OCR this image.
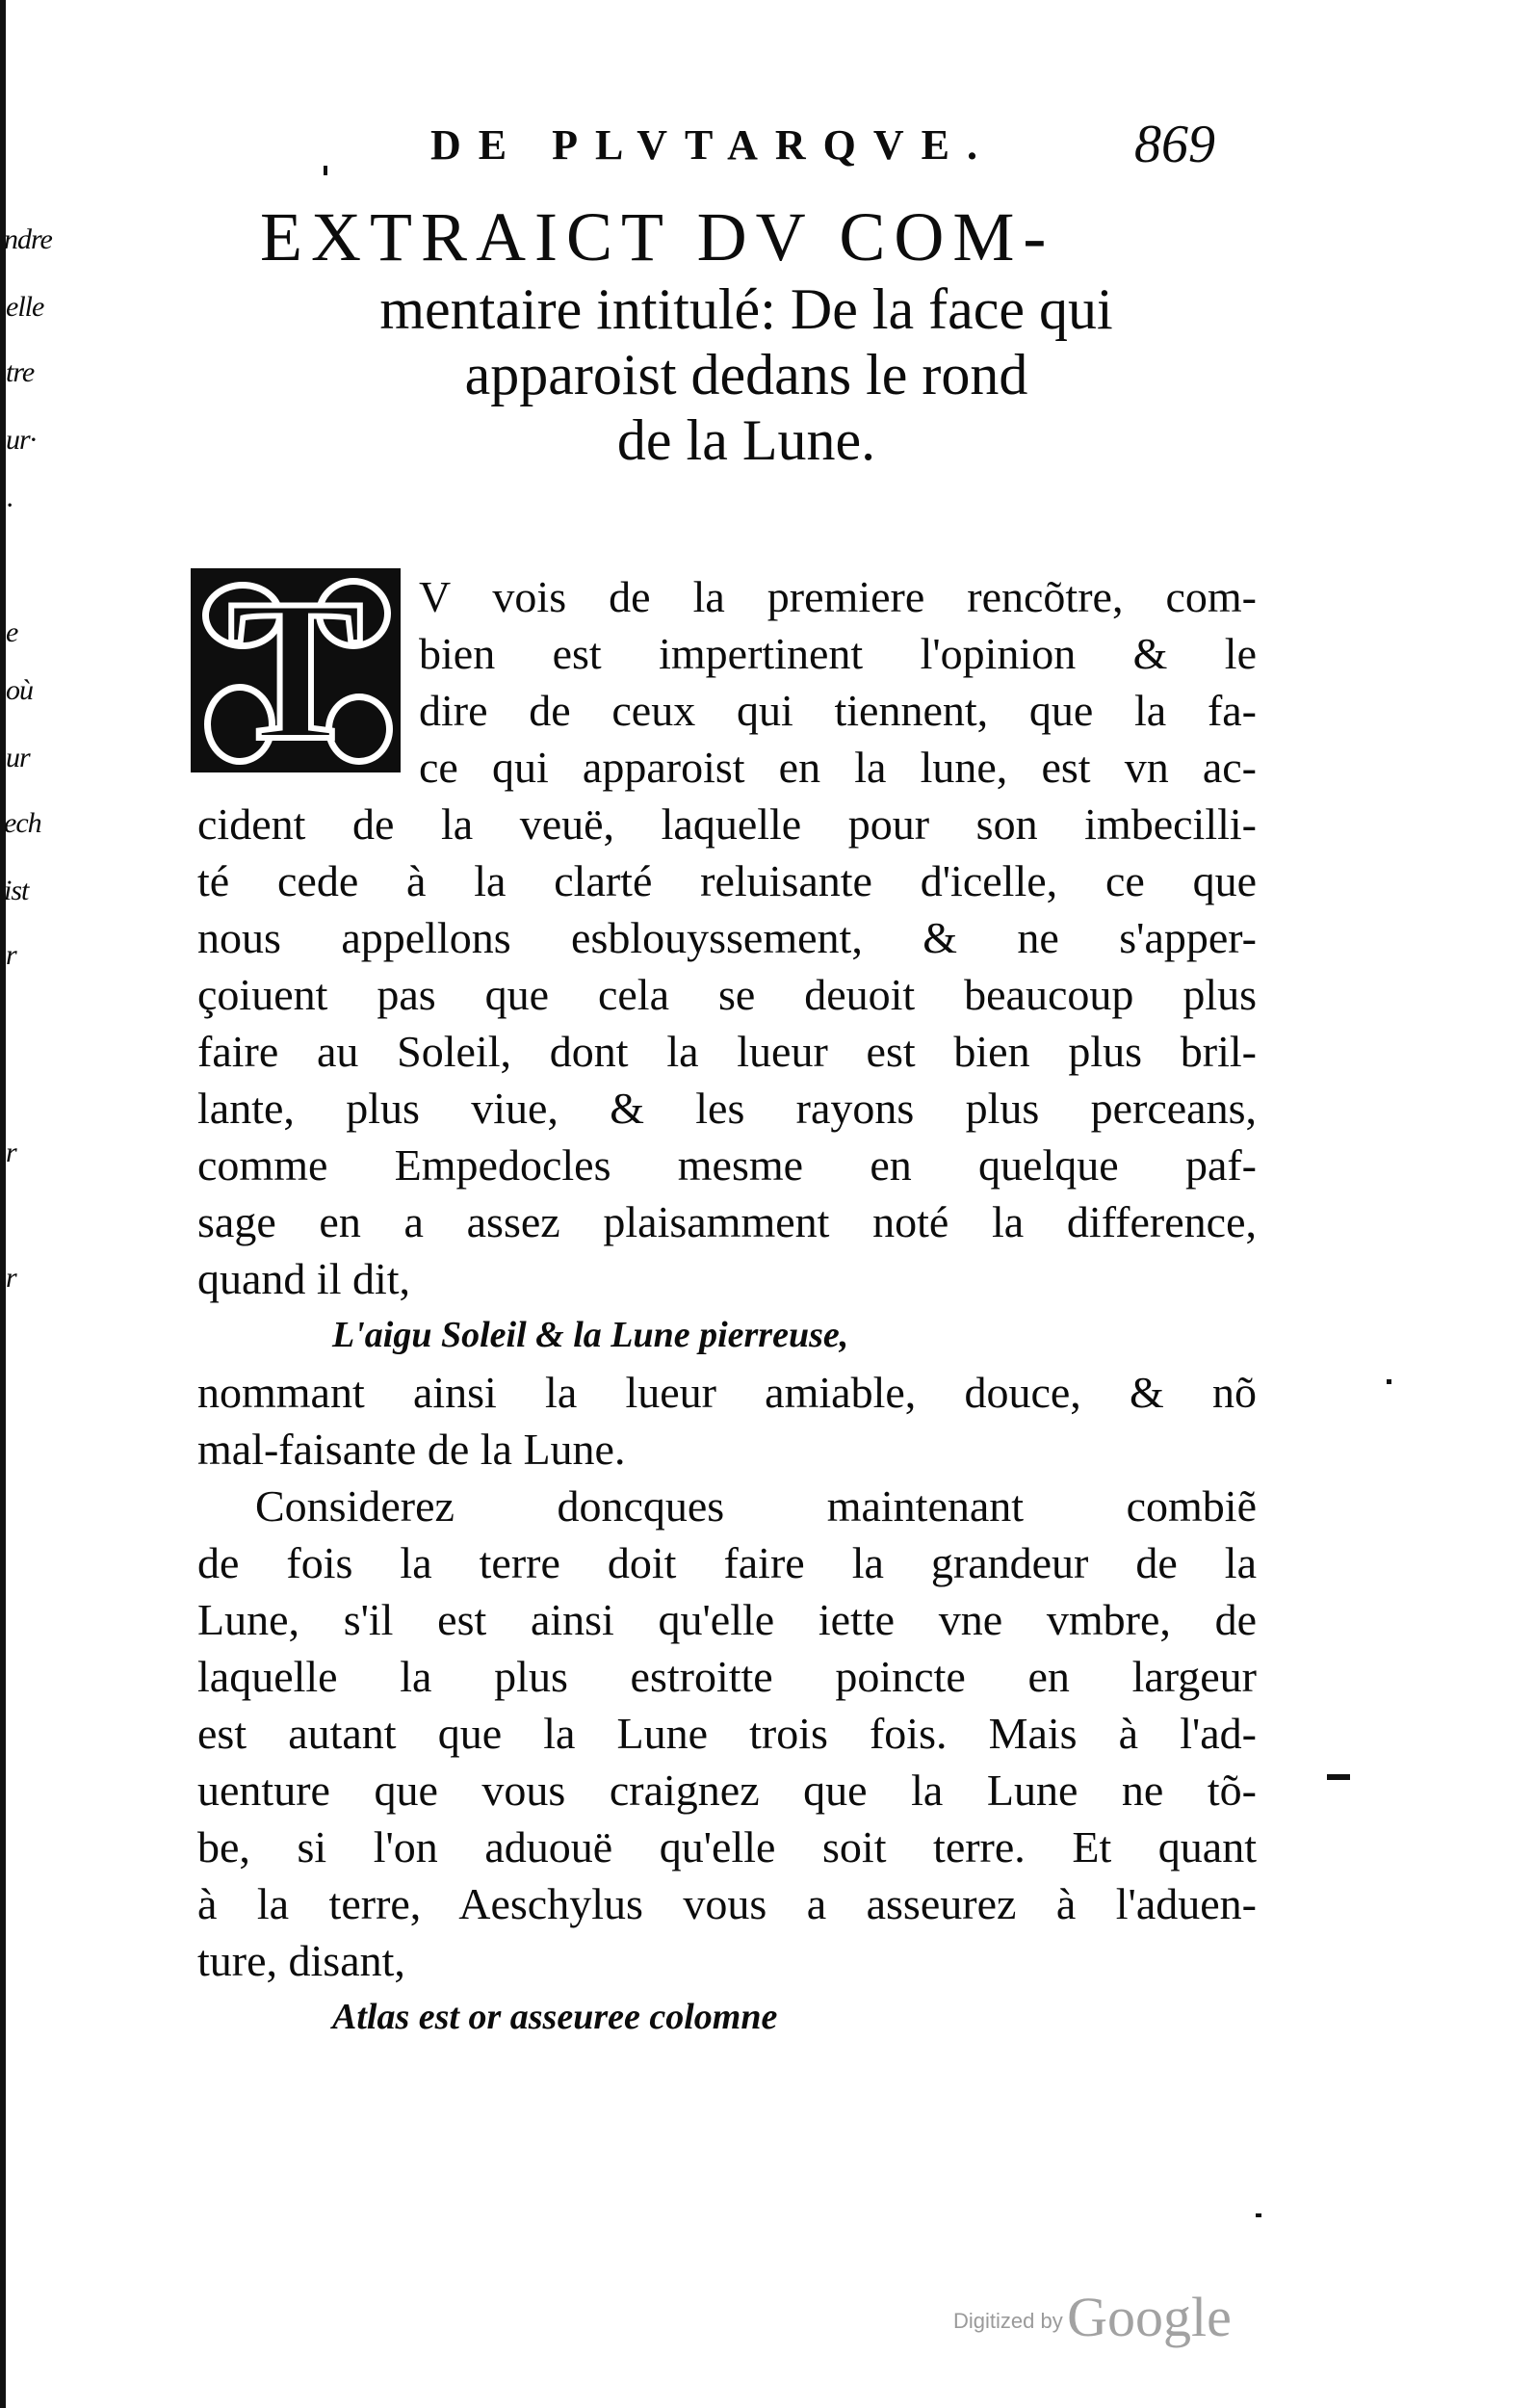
ndre
elle
tre
ur·
·
e
où
ur
ech
ist
r
r
r
DE PLVTARQVE.	869
EXTRAICT DV COM-
mentaire intitulé: De la face qui
apparoist dedans le rond
de la Lune.
T	V vois de la premiere rencõtre, com-
bien est impertinent l'opinion & le
dire de ceux qui tiennent, que la fa-
ce qui apparoist en la lune, est vn ac-
cident de la veuë, laquelle pour son imbecilli-
té cede à la clarté reluisante d'icelle, ce que
nous appellons esblouyssement, & ne s'apper-
çoiuent pas que cela se deuoit beaucoup plus
faire au Soleil, dont la lueur est bien plus bril-
lante, plus viue, & les rayons plus perceans,
comme Empedocles mesme en quelque paf-
sage en a assez plaisamment noté la difference,
quand il dit,
L'aigu Soleil & la Lune pierreuse,
nommant ainsi la lueur amiable, douce, & nõ
mal-faisante de la Lune.
Considerez doncques maintenant combiẽ
de fois la terre doit faire la grandeur de la
Lune, s'il est ainsi qu'elle iette vne vmbre, de
laquelle la plus estroitte poincte en largeur
est autant que la Lune trois fois. Mais à l'ad-
uenture que vous craignez que la Lune ne tõ-
be, si l'on aduouë qu'elle soit terre. Et quant
à la terre, Aeschylus vous a asseurez à l'aduen-
ture, disant,
Atlas est or asseuree colomne
Digitized by Google
